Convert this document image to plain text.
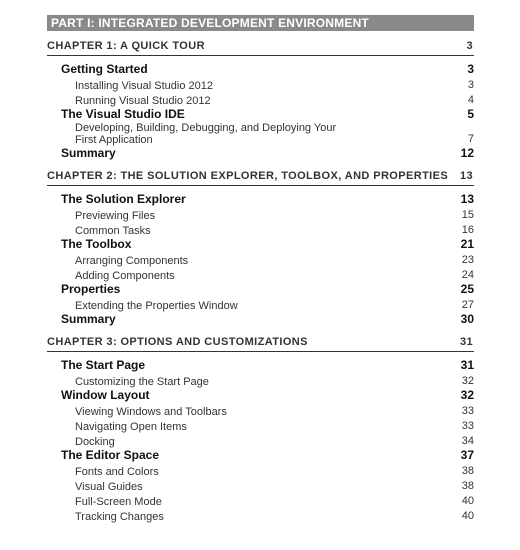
PART I: INTEGRATED DEVELOPMENT ENVIRONMENT
CHAPTER 1: A QUICK TOUR	3
Getting Started	3
Installing Visual Studio 2012	3
Running Visual Studio 2012	4
The Visual Studio IDE	5
Developing, Building, Debugging, and Deploying Your First Application	7
Summary	12
CHAPTER 2: THE SOLUTION EXPLORER, TOOLBOX, AND PROPERTIES 13
The Solution Explorer	13
Previewing Files	15
Common Tasks	16
The Toolbox	21
Arranging Components	23
Adding Components	24
Properties	25
Extending the Properties Window	27
Summary	30
CHAPTER 3: OPTIONS AND CUSTOMIZATIONS	31
The Start Page	31
Customizing the Start Page	32
Window Layout	32
Viewing Windows and Toolbars	33
Navigating Open Items	33
Docking	34
The Editor Space	37
Fonts and Colors	38
Visual Guides	38
Full-Screen Mode	40
Tracking Changes	40
